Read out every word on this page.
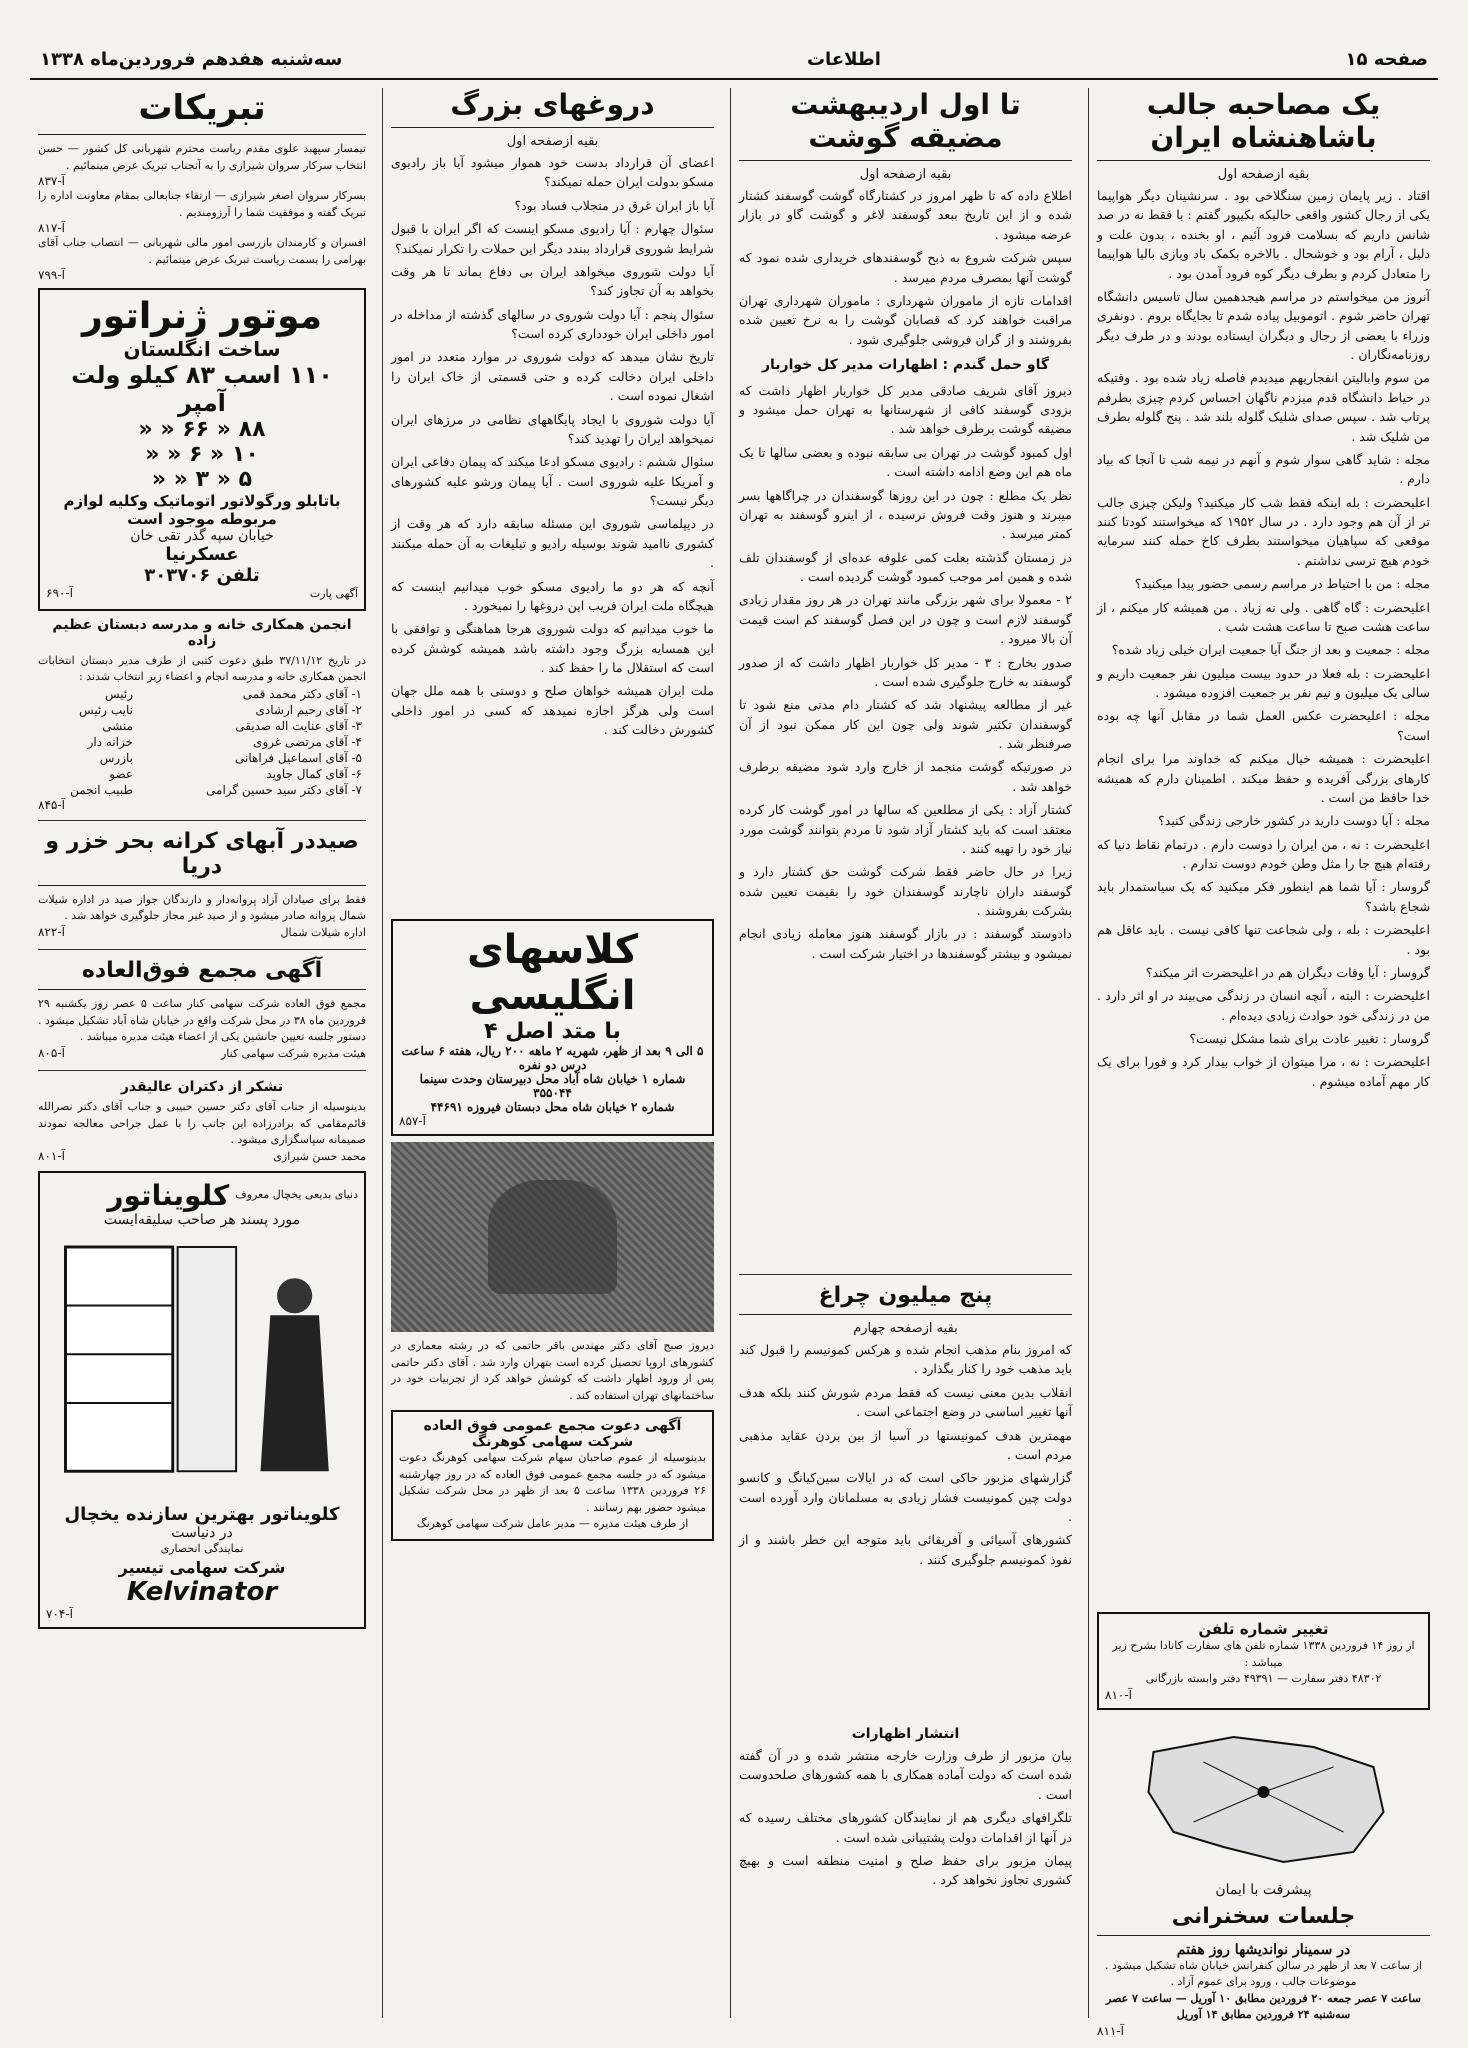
صفحه ۱۵
اطلاعات
سه‌شنبه هفدهم فروردین‌ماه ۱۳۳۸
یک مصاحبه جالب باشاهنشاه ایران
بقیه ازصفحه اول

اقتاد . زیر پایمان زمین سنگلاخی بود . سرنشینان دیگر هواپیما یکی از رجال کشور واقعی حالیکه بکیپور گفتم : با فقط نه در صد شانس داریم که بسلامت فرود آئیم ، او بخنده ، بدون علت و دلیل ، آرام بود و خوشحال . بالاخره بکمک باد وبازی بالیا هواپیما را متعادل کردم و بطرف دیگر کوه فرود آمدن بود .

آنروز من میخواستم در مراسم هیجدهمین سال تاسیس دانشگاه تهران حاضر شوم . اتوموبیل پیاده شدم تا بجایگاه بروم . دونفری وزراء با بعضی از رجال و دیگران ایستاده بودند و در طرف دیگر روزنامه‌نگاران .

من سوم وابالیتن انفجاریهم میدیدم فاصله زیاد شده بود . وقتیکه در حیاط دانشگاه قدم میزدم ناگهان احساس کردم چیزی بطرفم پرتاب شد . سپس صدای شلیک گلوله بلند شد . پنج گلوله بطرف من شلیک شد .

مجله : شاید گاهی سوار شوم و آنهم در نیمه شب تا آنجا که بیاد دارم .

اعلیحضرت : بله اینکه فقط شب کار میکنید؟ ولیکن چیزی جالب تر از آن هم وجود دارد . در سال ۱۹۵۲ که میخواستند کودتا کنند موقعی که سپاهیان میخواستند بطرف کاخ حمله کنند سرمایه خودم هیچ ترسی نداشتم .

مجله : من با احتیاط در مراسم رسمی حضور پیدا میکنید؟

اعلیحضرت : گاه گاهی . ولی نه زیاد . من همیشه کار میکنم ، از ساعت هشت صبح تا ساعت هشت شب .

مجله : جمعیت و بعد از جنگ آیا جمعیت ایران خیلی زیاد شده؟

اعلیحضرت : بله فعلا در حدود بیست میلیون نفر جمعیت داریم و سالی یک میلیون و نیم نفر بر جمعیت افزوده میشود .

مجله : اعلیحضرت عکس العمل شما در مقابل آنها چه بوده است؟

اعلیحضرت : همیشه خیال میکنم که خداوند مرا برای انجام کارهای بزرگی آفریده و حفظ میکند . اطمینان دارم که همیشه خدا حافظ من است .

مجله : آیا دوست دارید در کشور خارجی زندگی کنید؟

اعلیحضرت : نه ، من ایران را دوست دارم . درتمام نقاط دنیا که رفته‌ام هیچ جا را مثل وطن خودم دوست ندارم .

گروسار : آیا شما هم اینطور فکر میکنید که یک سیاستمدار باید شجاع باشد؟

اعلیحضرت : بله ، ولی شجاعت تنها کافی نیست . باید عاقل هم بود .

گروسار : آیا وفات دیگران هم در اعلیحضرت اثر میکند؟

اعلیحضرت : البته ، آنچه انسان در زندگی می‌بیند در او اثر دارد . من در زندگی خود حوادث زیادی دیده‌ام .

گروسار : تغییر عادت برای شما مشکل نیست؟

اعلیحضرت : نه ، مرا میتوان از خواب بیدار کرد و فورا برای یک کار مهم آماده میشوم .

تغییر شماره تلفن
از روز ۱۴ فروردین ۱۳۳۸ شماره تلفن های سفارت کانادا بشرح زیر میباشد :
۴۸۳۰۲ دفتر سفارت — ۴۹۳۹۱ دفتر وابسته بازرگانی
آ-۸۱۰
پیشرفت با ایمان
جلسات سخنرانی
در سمینار نواندیشها روز هفتم
از ساعت ۷ بعد از ظهر در سالن کنفرانس خیابان شاه تشکیل میشود . موضوعات جالب ، ورود برای عموم آزاد .
ساعت ۷ عصر جمعه ۲۰ فروردین مطابق ۱۰ آوریل — ساعت ۷ عصر سه‌شنبه ۲۴ فروردین مطابق ۱۴ آوریل
آ-۸۱۱
تا اول اردیبهشت مضیقه گوشت
بقیه ازصفحه اول

اطلاع داده که تا ظهر امروز در کشتارگاه گوشت گوسفند کشتار شده و از این تاریخ ببعد گوسفند لاغر و گوشت گاو در بازار عرضه میشود .

سپس شرکت شروع به ذبح گوسفندهای خریداری شده نمود که گوشت آنها بمصرف مردم میرسد .

اقدامات تازه از ماموران شهرداری : ماموران شهرداری تهران مراقبت خواهند کرد که قصابان گوشت را به نرخ تعیین شده بفروشند و از گران فروشی جلوگیری شود .

گاو حمل گندم : اظهارات مدیر کل خواربار

دیروز آقای شریف صادقی مدیر کل خواربار اظهار داشت که بزودی گوسفند کافی از شهرستانها به تهران حمل میشود و مضیقه گوشت برطرف خواهد شد .

اول کمبود گوشت در تهران بی سابقه نبوده و بعضی سالها تا یک ماه هم این وضع ادامه داشته است .

نظر یک مطلع : چون در این روزها گوسفندان در چراگاهها بسر میبرند و هنوز وقت فروش نرسیده ، از اینرو گوسفند به تهران کمتر میرسد .

در زمستان گذشته بعلت کمی علوفه عده‌ای از گوسفندان تلف شده و همین امر موجب کمبود گوشت گردیده است .

۲ - معمولا برای شهر بزرگی مانند تهران در هر روز مقدار زیادی گوسفند لازم است و چون در این فصل گوسفند کم است قیمت آن بالا میرود .

صدور بخارج : ۳ - مدیر کل خواربار اظهار داشت که از صدور گوسفند به خارج جلوگیری شده است .

غیر از مطالعه پیشنهاد شد که کشتار دام مدتی منع شود تا گوسفندان تکثیر شوند ولی چون این کار ممکن نبود از آن صرفنظر شد .

در صورتیکه گوشت منجمد از خارج وارد شود مضیقه برطرف خواهد شد .

کشتار آزاد : یکی از مطلعین که سالها در امور گوشت کار کرده معتقد است که باید کشتار آزاد شود تا مردم بتوانند گوشت مورد نیاز خود را تهیه کنند .

زیرا در حال حاضر فقط شرکت گوشت حق کشتار دارد و گوسفند داران ناچارند گوسفندان خود را بقیمت تعیین شده بشرکت بفروشند .

دادوستد گوسفند : در بازار گوسفند هنوز معامله زیادی انجام نمیشود و بیشتر گوسفندها در اختیار شرکت است .

پنج میلیون چراغ
بقیه ازصفحه چهارم

که امروز بنام مذهب انجام شده و هرکس کمونیسم را قبول کند باید مذهب خود را کنار بگذارد .

انقلاب بدین معنی نیست که فقط مردم شورش کنند بلکه هدف آنها تغییر اساسی در وضع اجتماعی است .

مهمترین هدف کمونیستها در آسیا از بین بردن عقاید مذهبی مردم است .

گزارشهای مزبور حاکی است که در ایالات سین‌کیانگ و کانسو دولت چین کمونیست فشار زیادی به مسلمانان وارد آورده است .

کشورهای آسیائی و آفریقائی باید متوجه این خطر باشند و از نفوذ کمونیسم جلوگیری کنند .

انتشار اظهارات

بیان مزبور از طرف وزارت خارجه منتشر شده و در آن گفته شده است که دولت آماده همکاری با همه کشورهای صلحدوست است .

تلگرافهای دیگری هم از نمایندگان کشورهای مختلف رسیده که در آنها از اقدامات دولت پشتیبانی شده است .

پیمان مزبور برای حفظ صلح و امنیت منطقه است و بهیچ کشوری تجاوز نخواهد کرد .

دروغهای بزرگ
بقیه ازصفحه اول

اعضای آن قرارداد بدست خود هموار میشود آیا باز رادیوی مسکو بدولت ایران حمله نمیکند؟

آیا باز ایران غرق در منجلاب فساد بود؟

سئوال چهارم : آیا رادیوی مسکو اینست که اگر ایران با قبول شرایط شوروی قرارداد ببندد دیگر این حملات را تکرار نمیکند؟

آیا دولت شوروی میخواهد ایران بی دفاع بماند تا هر وقت بخواهد به آن تجاوز کند؟

سئوال پنجم : آیا دولت شوروی در سالهای گذشته از مداخله در امور داخلی ایران خودداری کرده است؟

تاریخ نشان میدهد که دولت شوروی در موارد متعدد در امور داخلی ایران دخالت کرده و حتی قسمتی از خاک ایران را اشغال نموده است .

آیا دولت شوروی با ایجاد پایگاههای نظامی در مرزهای ایران نمیخواهد ایران را تهدید کند؟

سئوال ششم : رادیوی مسکو ادعا میکند که پیمان دفاعی ایران و آمریکا علیه شوروی است . آیا پیمان ورشو علیه کشورهای دیگر نیست؟

در دیپلماسی شوروی این مسئله سابقه دارد که هر وقت از کشوری ناامید شوند بوسیله رادیو و تبلیغات به آن حمله میکنند .

آنچه که هر دو ما رادیوی مسکو خوب میدانیم اینست که هیچگاه ملت ایران فریب این دروغها را نمیخورد .

ما خوب میدانیم که دولت شوروی هرجا هماهنگی و توافقی با این همسایه بزرگ وجود داشته باشد همیشه کوشش کرده است که استقلال ما را حفظ کند .

ملت ایران همیشه خواهان صلح و دوستی با همه ملل جهان است ولی هرگز اجازه نمیدهد که کسی در امور داخلی کشورش دخالت کند .

کلاسهای انگلیسی
با متد اصل ۴
۵ الی ۹ بعد از ظهر، شهریه ۲ ماهه ۲۰۰ ریال، هفته ۶ ساعت درس دو نفره
شماره ۱ خیابان شاه آباد محل دبیرستان وحدت سینما ۳۵۵۰۴۴
شماره ۲ خیابان شاه محل دبستان فیروزه ۴۴۶۹۱
آ-۸۵۷
دیروز صبح آقای دکتر مهندس باقر حاتمی که در رشته معماری در کشورهای اروپا تحصیل کرده است بتهران وارد شد . آقای دکتر حاتمی پس از ورود اظهار داشت که کوشش خواهد کرد از تجربیات خود در ساختمانهای تهران استفاده کند .
آگهی دعوت مجمع عمومی فوق العاده شرکت سهامی کوهرنگ
بدینوسیله از عموم صاحبان سهام شرکت سهامی کوهرنگ دعوت میشود که در جلسه مجمع عمومی فوق العاده که در روز چهارشنبه ۲۶ فروردین ۱۳۳۸ ساعت ۵ بعد از ظهر در محل شرکت تشکیل میشود حضور بهم رسانند .
از طرف هیئت مدیره — مدیر عامل شرکت سهامی کوهرنگ
تبریکات
تیمسار سپهبد علوی مقدم ریاست محترم شهربانی کل کشور — حسن انتخاب سرکار سروان شیرازی را به آنجناب تبریک عرض مینمائیم .
آ-۸۳۷
بسرکار سروان اصغر شیرازی — ارتقاء جنابعالی بمقام معاونت اداره را تبریک گفته و موفقیت شما را آرزومندیم .
آ-۸۱۷
افسران و کارمندان بازرسی امور مالی شهربانی — انتصاب جناب آقای بهرامی را بسمت ریاست تبریک عرض مینمائیم .
آ-۷۹۹
موتور ژنراتور
ساخت انگلستان
۱۱۰ اسب ۸۳ کیلو ولت آمپر
۸۸ « ۶۶ « «
۱۰ « ۶ « «
۵ « ۳ « «
باتابلو ورگولاتور اتوماتیک وکلیه لوازم مربوطه موجود است
خیابان سپه گذر تقی خان
عسکرنیا
تلفن ۳۰۳۷۰۶
آگهی پارت
آ-۶۹۰
انجمن همکاری خانه و مدرسه دبستان عظیم زاده
در تاریخ ۳۷/۱۱/۱۲ طبق دعوت کتبی از طرف مدیر دبستان انتخابات انجمن همکاری خانه و مدرسه انجام و اعضاء زیر انتخاب شدند :
۱- آقای دکتر محمد قمی	رئیس
۲- آقای رحیم ارشادی	نایب رئیس
۳- آقای عنایت اله صدیقی	منشی
۴- آقای مرتضی غروی	خزانه دار
۵- آقای اسماعیل فراهانی	بازرس
۶- آقای کمال جاوید	عضو
۷- آقای دکتر سید حسین گرامی	طبیب انجمن
آ-۸۴۵
صیددر آبهای کرانه بحر خزر و دریا
فقط برای صیادان آزاد پروانه‌دار و دارندگان جواز صید در اداره شیلات شمال پروانه صادر میشود و از صید غیر مجاز جلوگیری خواهد شد .
اداره شیلات شمال
آ-۸۲۲
آگهی مجمع فوق‌العاده
مجمع فوق العاده شرکت سهامی کنار ساعت ۵ عصر روز یکشنبه ۲۹ فروردین ماه ۳۸ در محل شرکت واقع در خیابان شاه آباد تشکیل میشود . دستور جلسه تعیین جانشین یکی از اعضاء هیئت مدیره میباشد .
هیئت مدیره شرکت سهامی کنار
آ-۸۰۵
تشکر از دکتران عالیقدر
بدینوسیله از جناب آقای دکتر حسین حبیبی و جناب آقای دکتر نصرالله قائم‌مقامی که برادرزاده این جانب را با عمل جراحی معالجه نمودند صمیمانه سپاسگزاری میشود .
محمد حسن شیرازی
آ-۸۰۱
دنیای بدیعی یخچال معروف
کلویناتور
مورد پسند هر صاحب سلیقه‌ایست
کلویناتور بهترین سازنده یخچال
در دنیاست
نمایندگی انحصاری
شرکت سهامی تیسیر
Kelvinator
آ-۷۰۴
